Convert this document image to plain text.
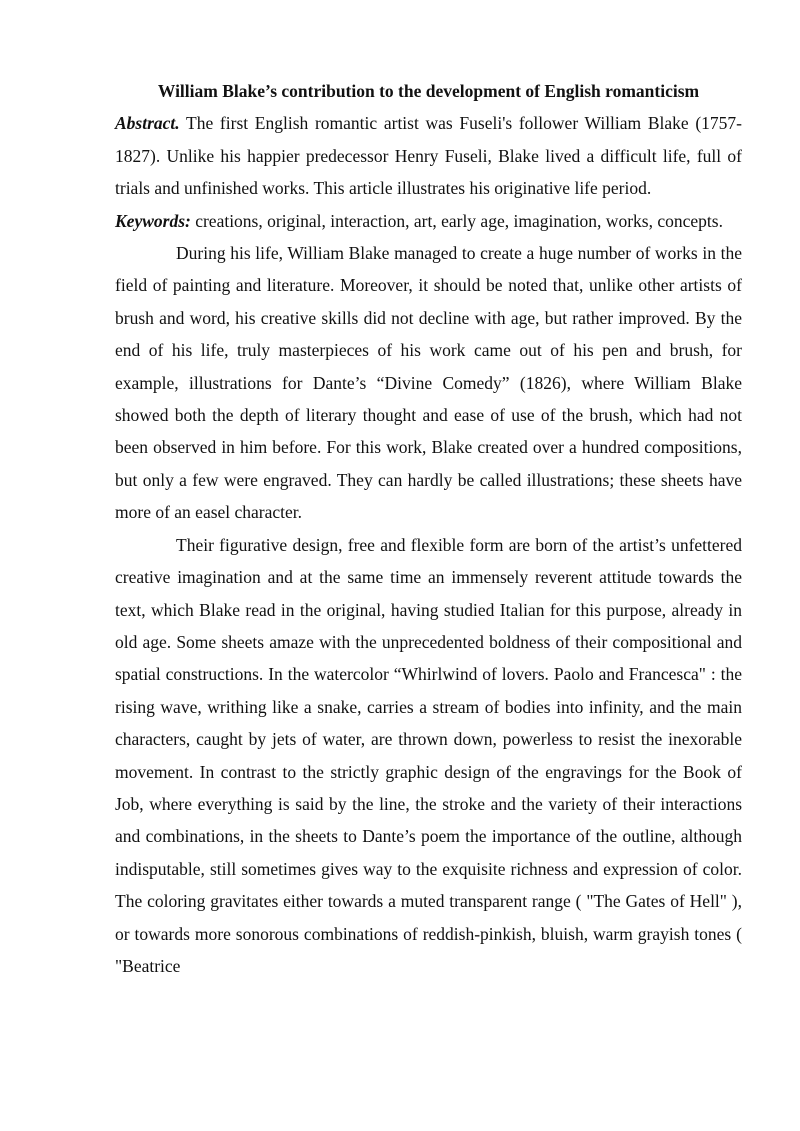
William Blake’s contribution to the development of English romanticism

Abstract. The first English romantic artist was Fuseli's follower William Blake (1757-1827). Unlike his happier predecessor Henry Fuseli, Blake lived a difficult life, full of trials and unfinished works. This article illustrates his originative life period.

Keywords: creations, original, interaction, art, early age, imagination, works, concepts.

During his life, William Blake managed to create a huge number of works in the field of painting and literature. Moreover, it should be noted that, unlike other artists of brush and word, his creative skills did not decline with age, but rather improved. By the end of his life, truly masterpieces of his work came out of his pen and brush, for example, illustrations for Dante’s “Divine Comedy” (1826), where William Blake showed both the depth of literary thought and ease of use of the brush, which had not been observed in him before. For this work, Blake created over a hundred compositions, but only a few were engraved. They can hardly be called illustrations; these sheets have more of an easel character.

Their figurative design, free and flexible form are born of the artist’s unfettered creative imagination and at the same time an immensely reverent attitude towards the text, which Blake read in the original, having studied Italian for this purpose, already in old age. Some sheets amaze with the unprecedented boldness of their compositional and spatial constructions. In the watercolor “Whirlwind of lovers. Paolo and Francesca" : the rising wave, writhing like a snake, carries a stream of bodies into infinity, and the main characters, caught by jets of water, are thrown down, powerless to resist the inexorable movement. In contrast to the strictly graphic design of the engravings for the Book of Job, where everything is said by the line, the stroke and the variety of their interactions and combinations, in the sheets to Dante’s poem the importance of the outline, although indisputable, still sometimes gives way to the exquisite richness and expression of color. The coloring gravitates either towards a muted transparent range ( "The Gates of Hell" ), or towards more sonorous combinations of reddish-pinkish, bluish, warm grayish tones ( "Beatrice
